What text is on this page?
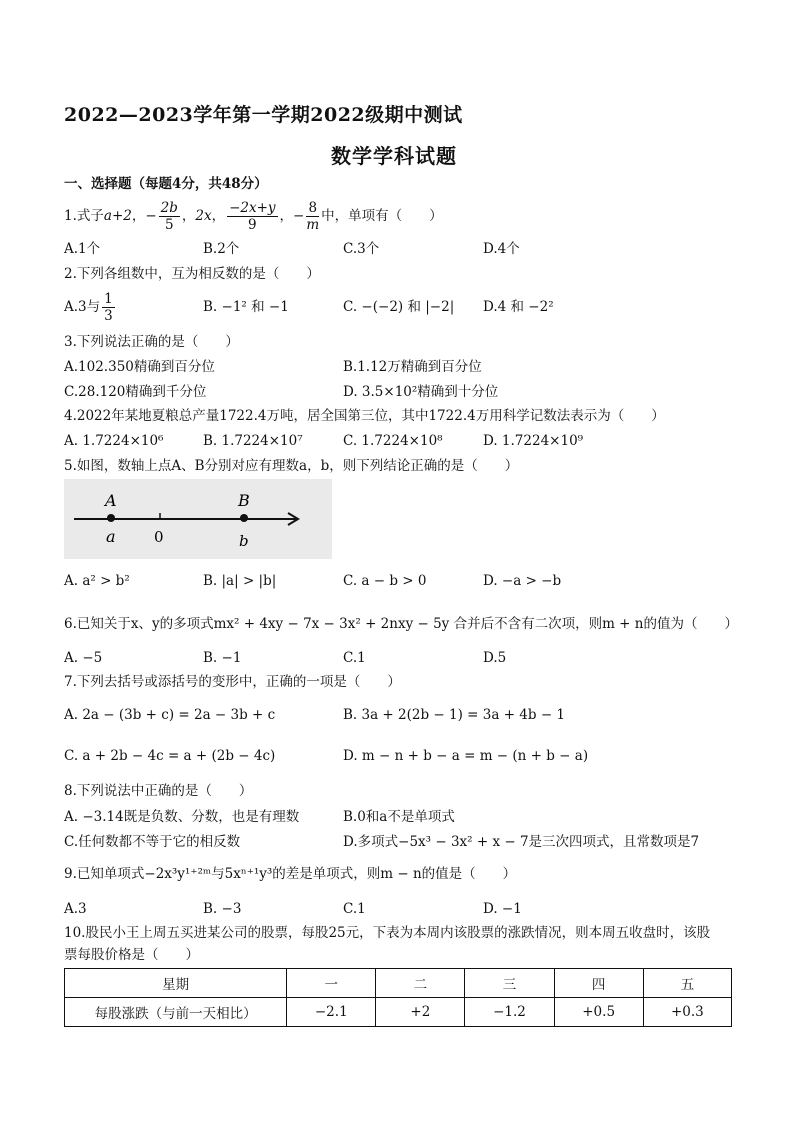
2022—2023学年第一学期2022级期中测试
数学学科试题
一、选择题（每题4分，共48分）
1.式子a+2，− $\frac{2b}{5}$ ，2x， $\frac{-2x+y}{9}$ ，− $\frac{8}{m}$ 中，单项有（　　）
A.1个	B.2个	C.3个	D.4个
2.下列各组数中，互为相反数的是（　　）
A.3与 $\frac{1}{3}$	B. −1² 和 −1	C. −(−2) 和 |−2| D.4 和 −2²
3.下列说法正确的是（　　）
A.102.350精确到百分位	B.1.12万精确到百分位
C.28.120精确到千分位	D. 3.5×10²精确到十分位
4.2022年某地夏粮总产量1722.4万吨，居全国第三位，其中1722.4万用科学记数法表示为（　　）
A. 1.7224×10⁶	B. 1.7224×10⁷	C. 1.7224×10⁸	D. 1.7224×10⁹
5.如图，数轴上点A、B分别对应有理数a，b，则下列结论正确的是（　　）
A	B
a	0	b
A. a² > b²	B. |a| > |b|	C. a − b > 0	D. −a > −b
6.已知关于x、y的多项式mx² + 4xy − 7x − 3x² + 2nxy − 5y 合并后不含有二次项，则m + n的值为（　　）
A. −5	B. −1	C.1	D.5
7.下列去括号或添括号的变形中，正确的一项是（　　）
A. 2a − (3b + c) = 2a − 3b + c	B. 3a + 2(2b − 1) = 3a + 4b − 1
C. a + 2b − 4c = a + (2b − 4c)	D. m − n + b − a = m − (n + b − a)
8.下列说法中正确的是（　　）
A. −3.14既是负数、分数，也是有理数	B.0和a不是单项式
C.任何数都不等于它的相反数	D.多项式−5x³ − 3x² + x − 7是三次四项式，且常数项是7
9.已知单项式−2x³y¹⁺²ᵐ与5xⁿ⁺¹y³的差是单项式，则m − n的值是（　　）
A.3	B. −3	C.1	D. −1
10.股民小王上周五买进某公司的股票，每股25元，下表为本周内该股票的涨跌情况，则本周五收盘时，该股
票每股价格是（　　）
星期	一	二	三	四	五
每股涨跌（与前一天相比）	−2.1	+2	−1.2	+0.5	+0.3
